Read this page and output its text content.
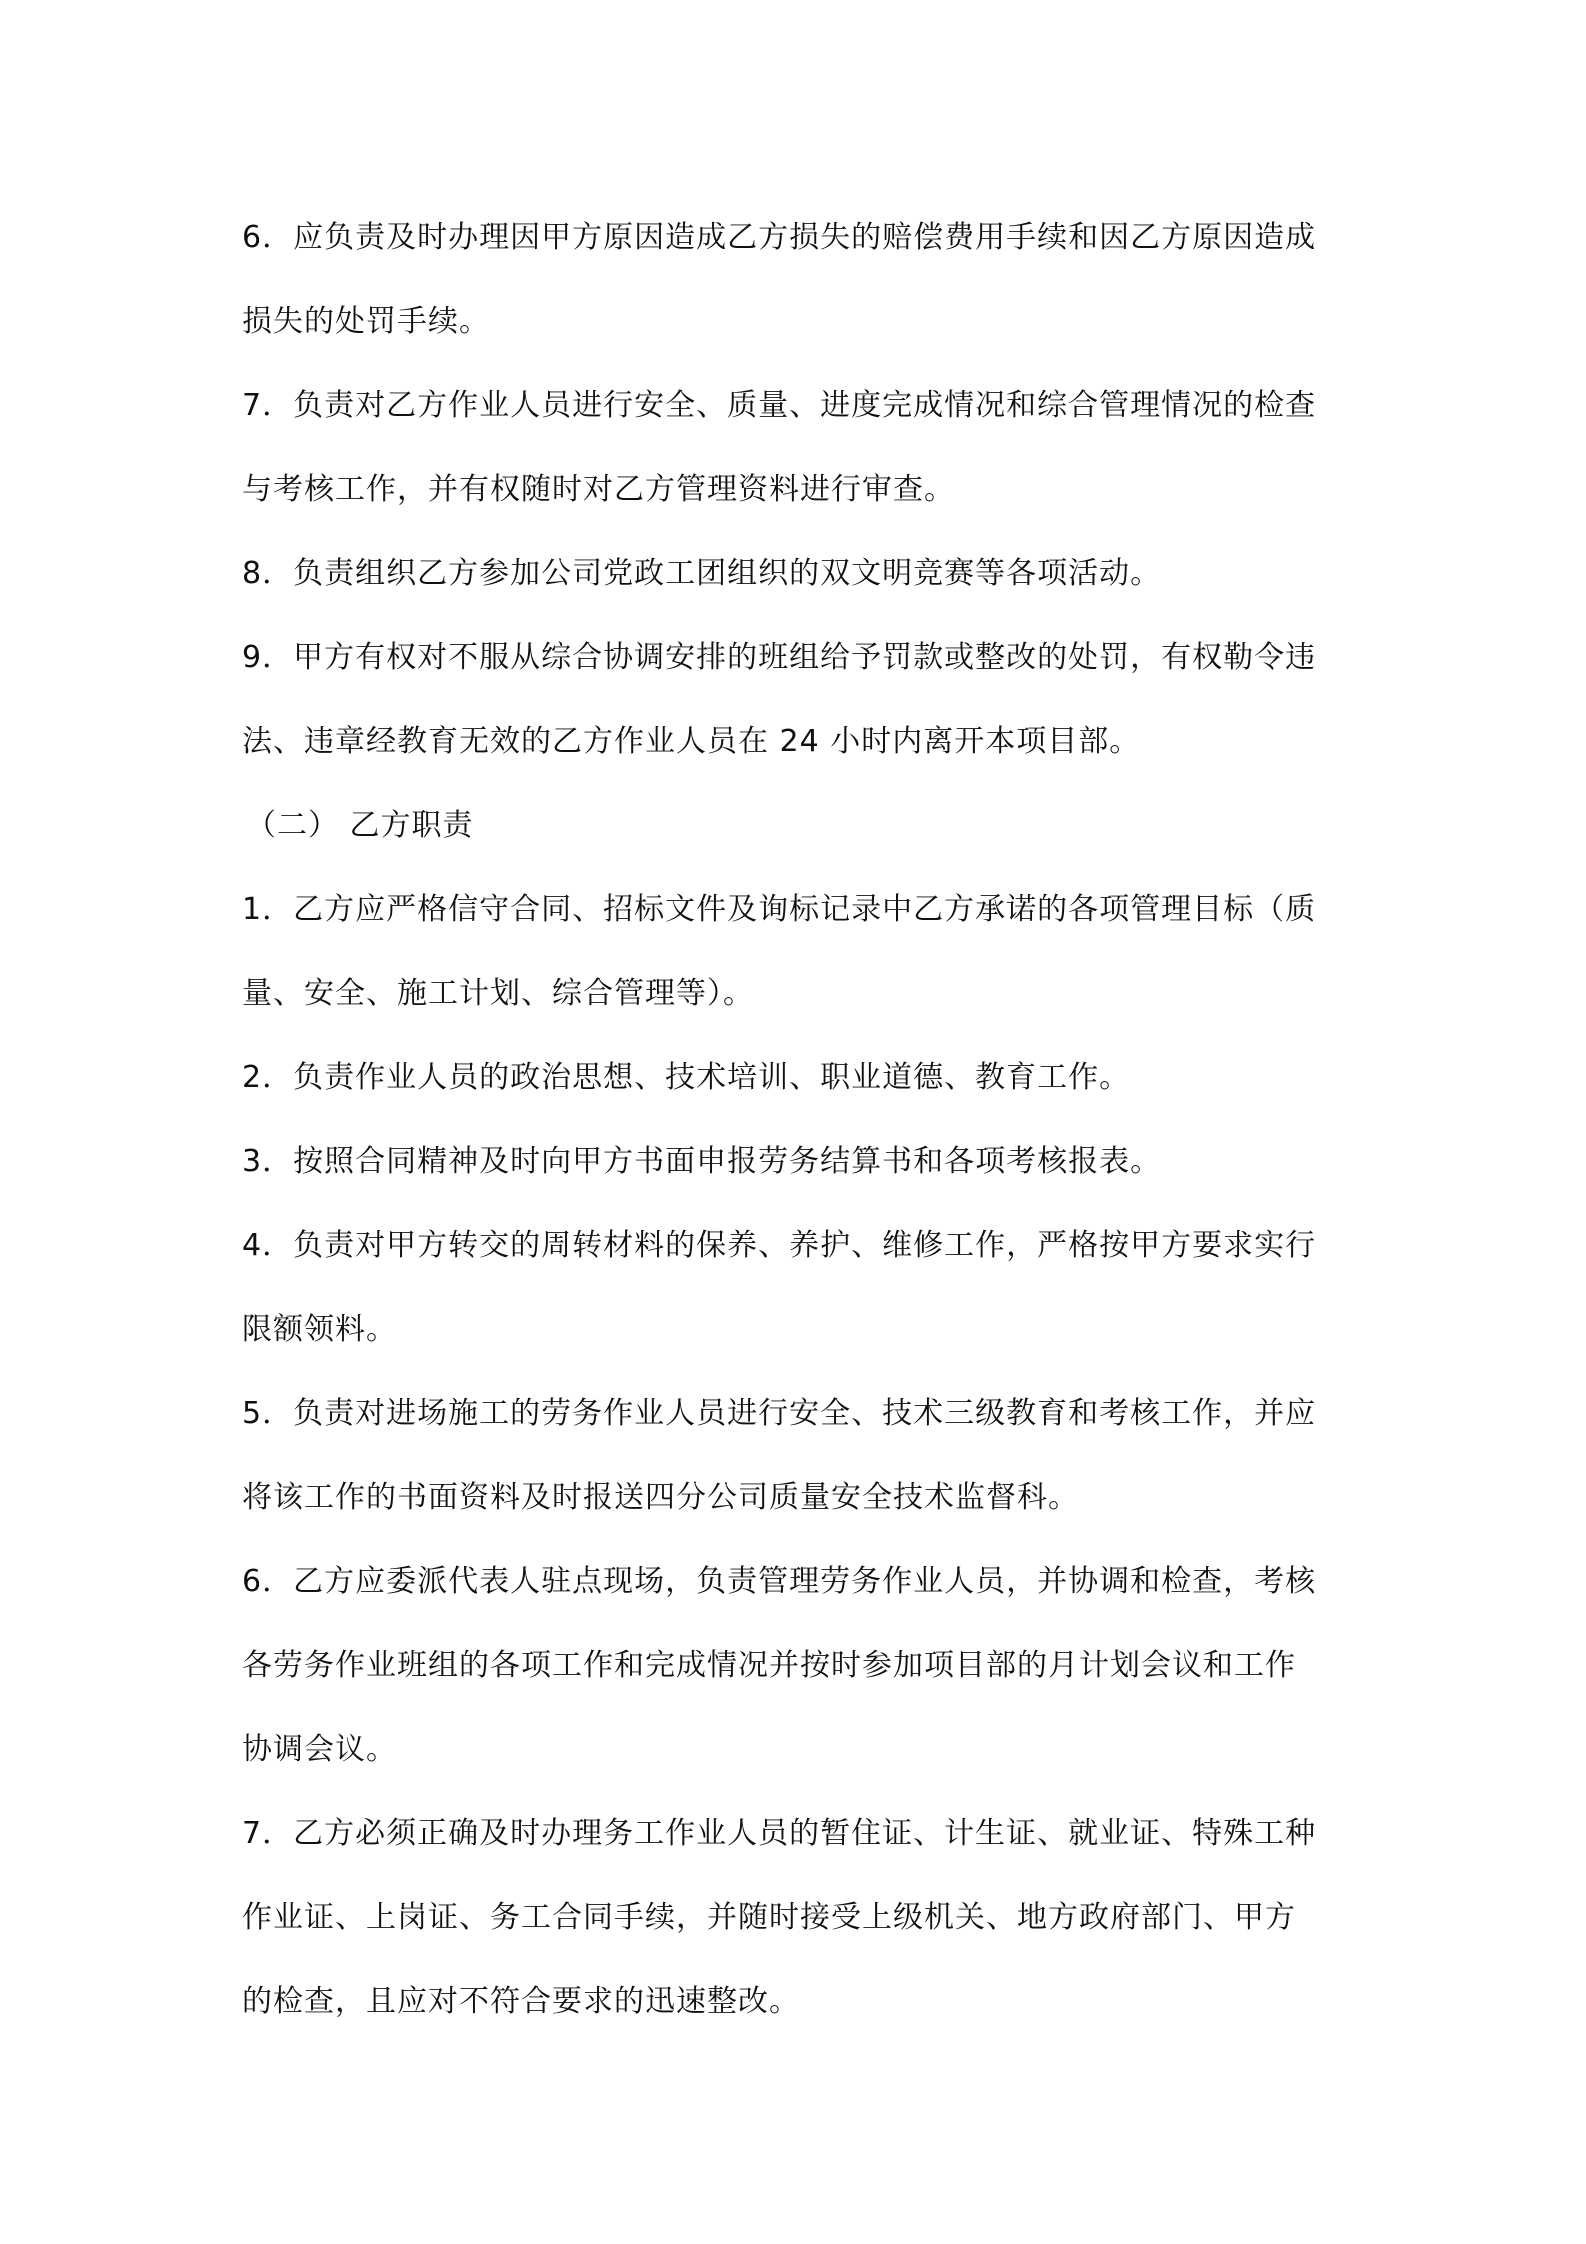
6．应负责及时办理因甲方原因造成乙方损失的赔偿费用手续和因乙方原因造成
损失的处罚手续。

7．负责对乙方作业人员进行安全、质量、进度完成情况和综合管理情况的检查
与考核工作，并有权随时对乙方管理资料进行审查。

8．负责组织乙方参加公司党政工团组织的双文明竞赛等各项活动。

9．甲方有权对不服从综合协调安排的班组给予罚款或整改的处罚，有权勒令违
法、违章经教育无效的乙方作业人员在 24 小时内离开本项目部。

（二） 乙方职责

1．乙方应严格信守合同、招标文件及询标记录中乙方承诺的各项管理目标（质
量、安全、施工计划、综合管理等）。

2．负责作业人员的政治思想、技术培训、职业道德、教育工作。

3．按照合同精神及时向甲方书面申报劳务结算书和各项考核报表。

4．负责对甲方转交的周转材料的保养、养护、维修工作，严格按甲方要求实行
限额领料。

5．负责对进场施工的劳务作业人员进行安全、技术三级教育和考核工作，并应
将该工作的书面资料及时报送四分公司质量安全技术监督科。

6．乙方应委派代表人驻点现场，负责管理劳务作业人员，并协调和检查，考核
各劳务作业班组的各项工作和完成情况并按时参加项目部的月计划会议和工作
协调会议。

7．乙方必须正确及时办理务工作业人员的暂住证、计生证、就业证、特殊工种
作业证、上岗证、务工合同手续，并随时接受上级机关、地方政府部门、甲方
的检查，且应对不符合要求的迅速整改。
